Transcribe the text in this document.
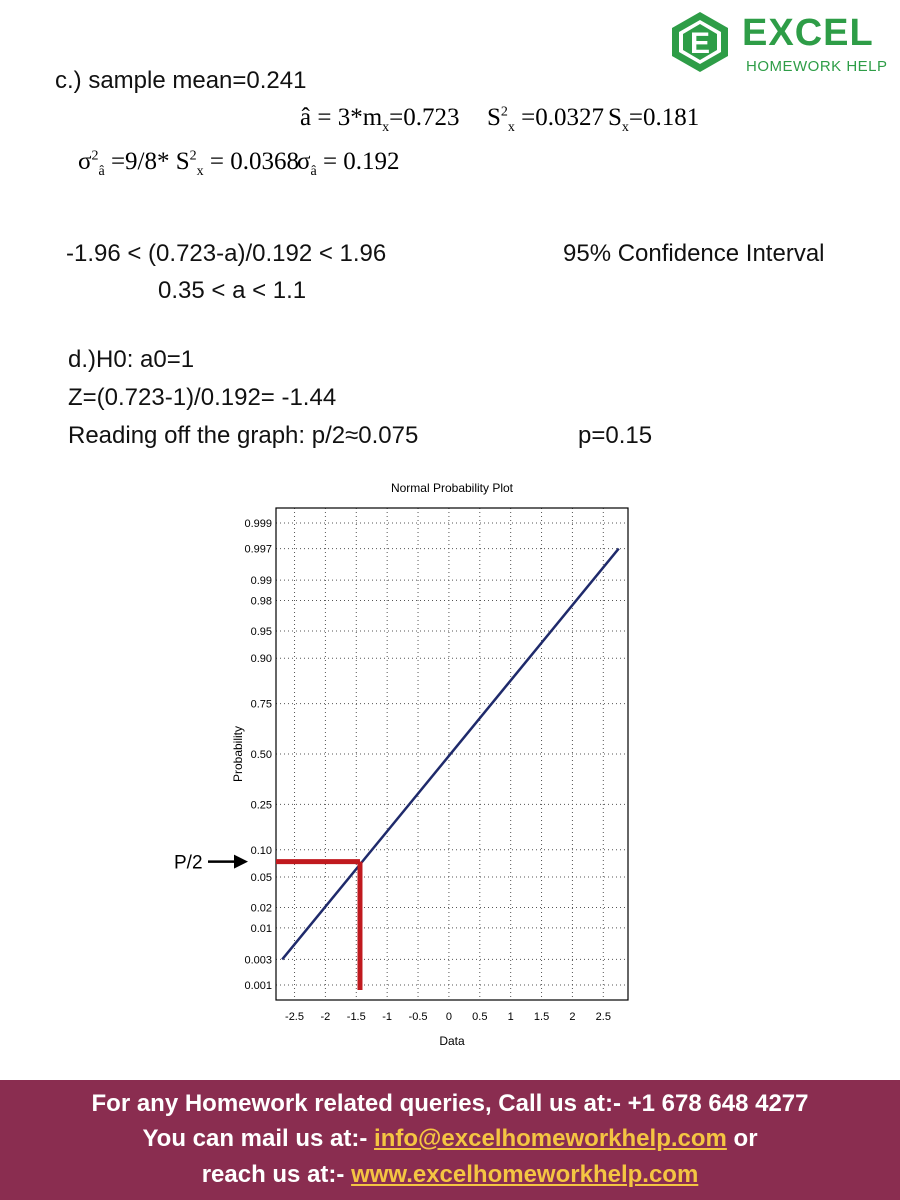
E EXCEL
HOMEWORK HELP
c.) sample mean=0.241
â = $3*m_x=0.723$ $S^2_x =0.0327$ $S_x=0.181$
$\sigma^2_â =9/8*$ $S^2_x = 0.0368$
$\sigma_â = 0.192$
-1.96 < (0.723-a)/0.192 < 1.96	95% Confidence Interval
0.35 < a < 1.1
d.)H0: a0=1
Z=(0.723-1)/0.192= -1.44
Reading off the graph: p/2≈0.075	p=0.15
Normal Probability Plot
0.999
0.997
0.99
0.98
0.95
0.90
0.75
0.50
0.25
0.10
0.05
0.02
0.01
0.003
0.001
-2.5 -2 -1.5 -1 -0.5 0 0.5 1 1.5 2 2.5
Data
Probability
P/2
For any Homework related queries, Call us at:- +1 678 648 4277
You can mail us at:- info@excelhomeworkhelp.com or
reach us at:- www.excelhomeworkhelp.com
